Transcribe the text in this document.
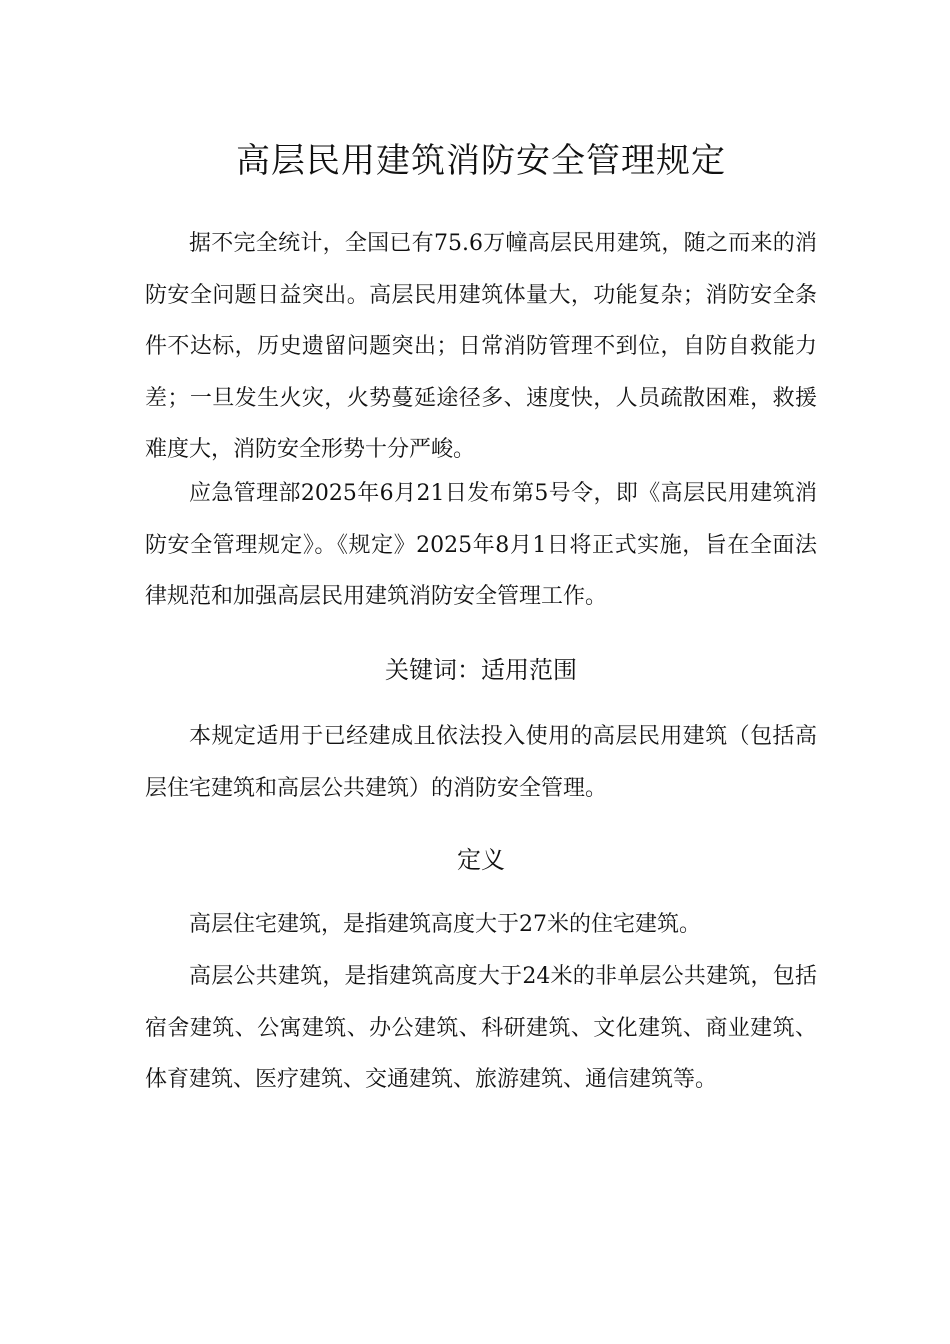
高层民用建筑消防安全管理规定

据不完全统计，全国已有75.6万幢高层民用建筑，随之而来的消防安全问题日益突出。高层民用建筑体量大，功能复杂；消防安全条件不达标，历史遗留问题突出；日常消防管理不到位，自防自救能力差；一旦发生火灾，火势蔓延途径多、速度快，人员疏散困难，救援难度大，消防安全形势十分严峻。

应急管理部2025年6月21日发布第5号令，即《高层民用建筑消防安全管理规定》。《规定》2025年8月1日将正式实施，旨在全面法律规范和加强高层民用建筑消防安全管理工作。

关键词：适用范围

本规定适用于已经建成且依法投入使用的高层民用建筑（包括高层住宅建筑和高层公共建筑）的消防安全管理。

定义

高层住宅建筑，是指建筑高度大于27米的住宅建筑。

高层公共建筑，是指建筑高度大于24米的非单层公共建筑，包括宿舍建筑、公寓建筑、办公建筑、科研建筑、文化建筑、商业建筑、体育建筑、医疗建筑、交通建筑、旅游建筑、通信建筑等。
